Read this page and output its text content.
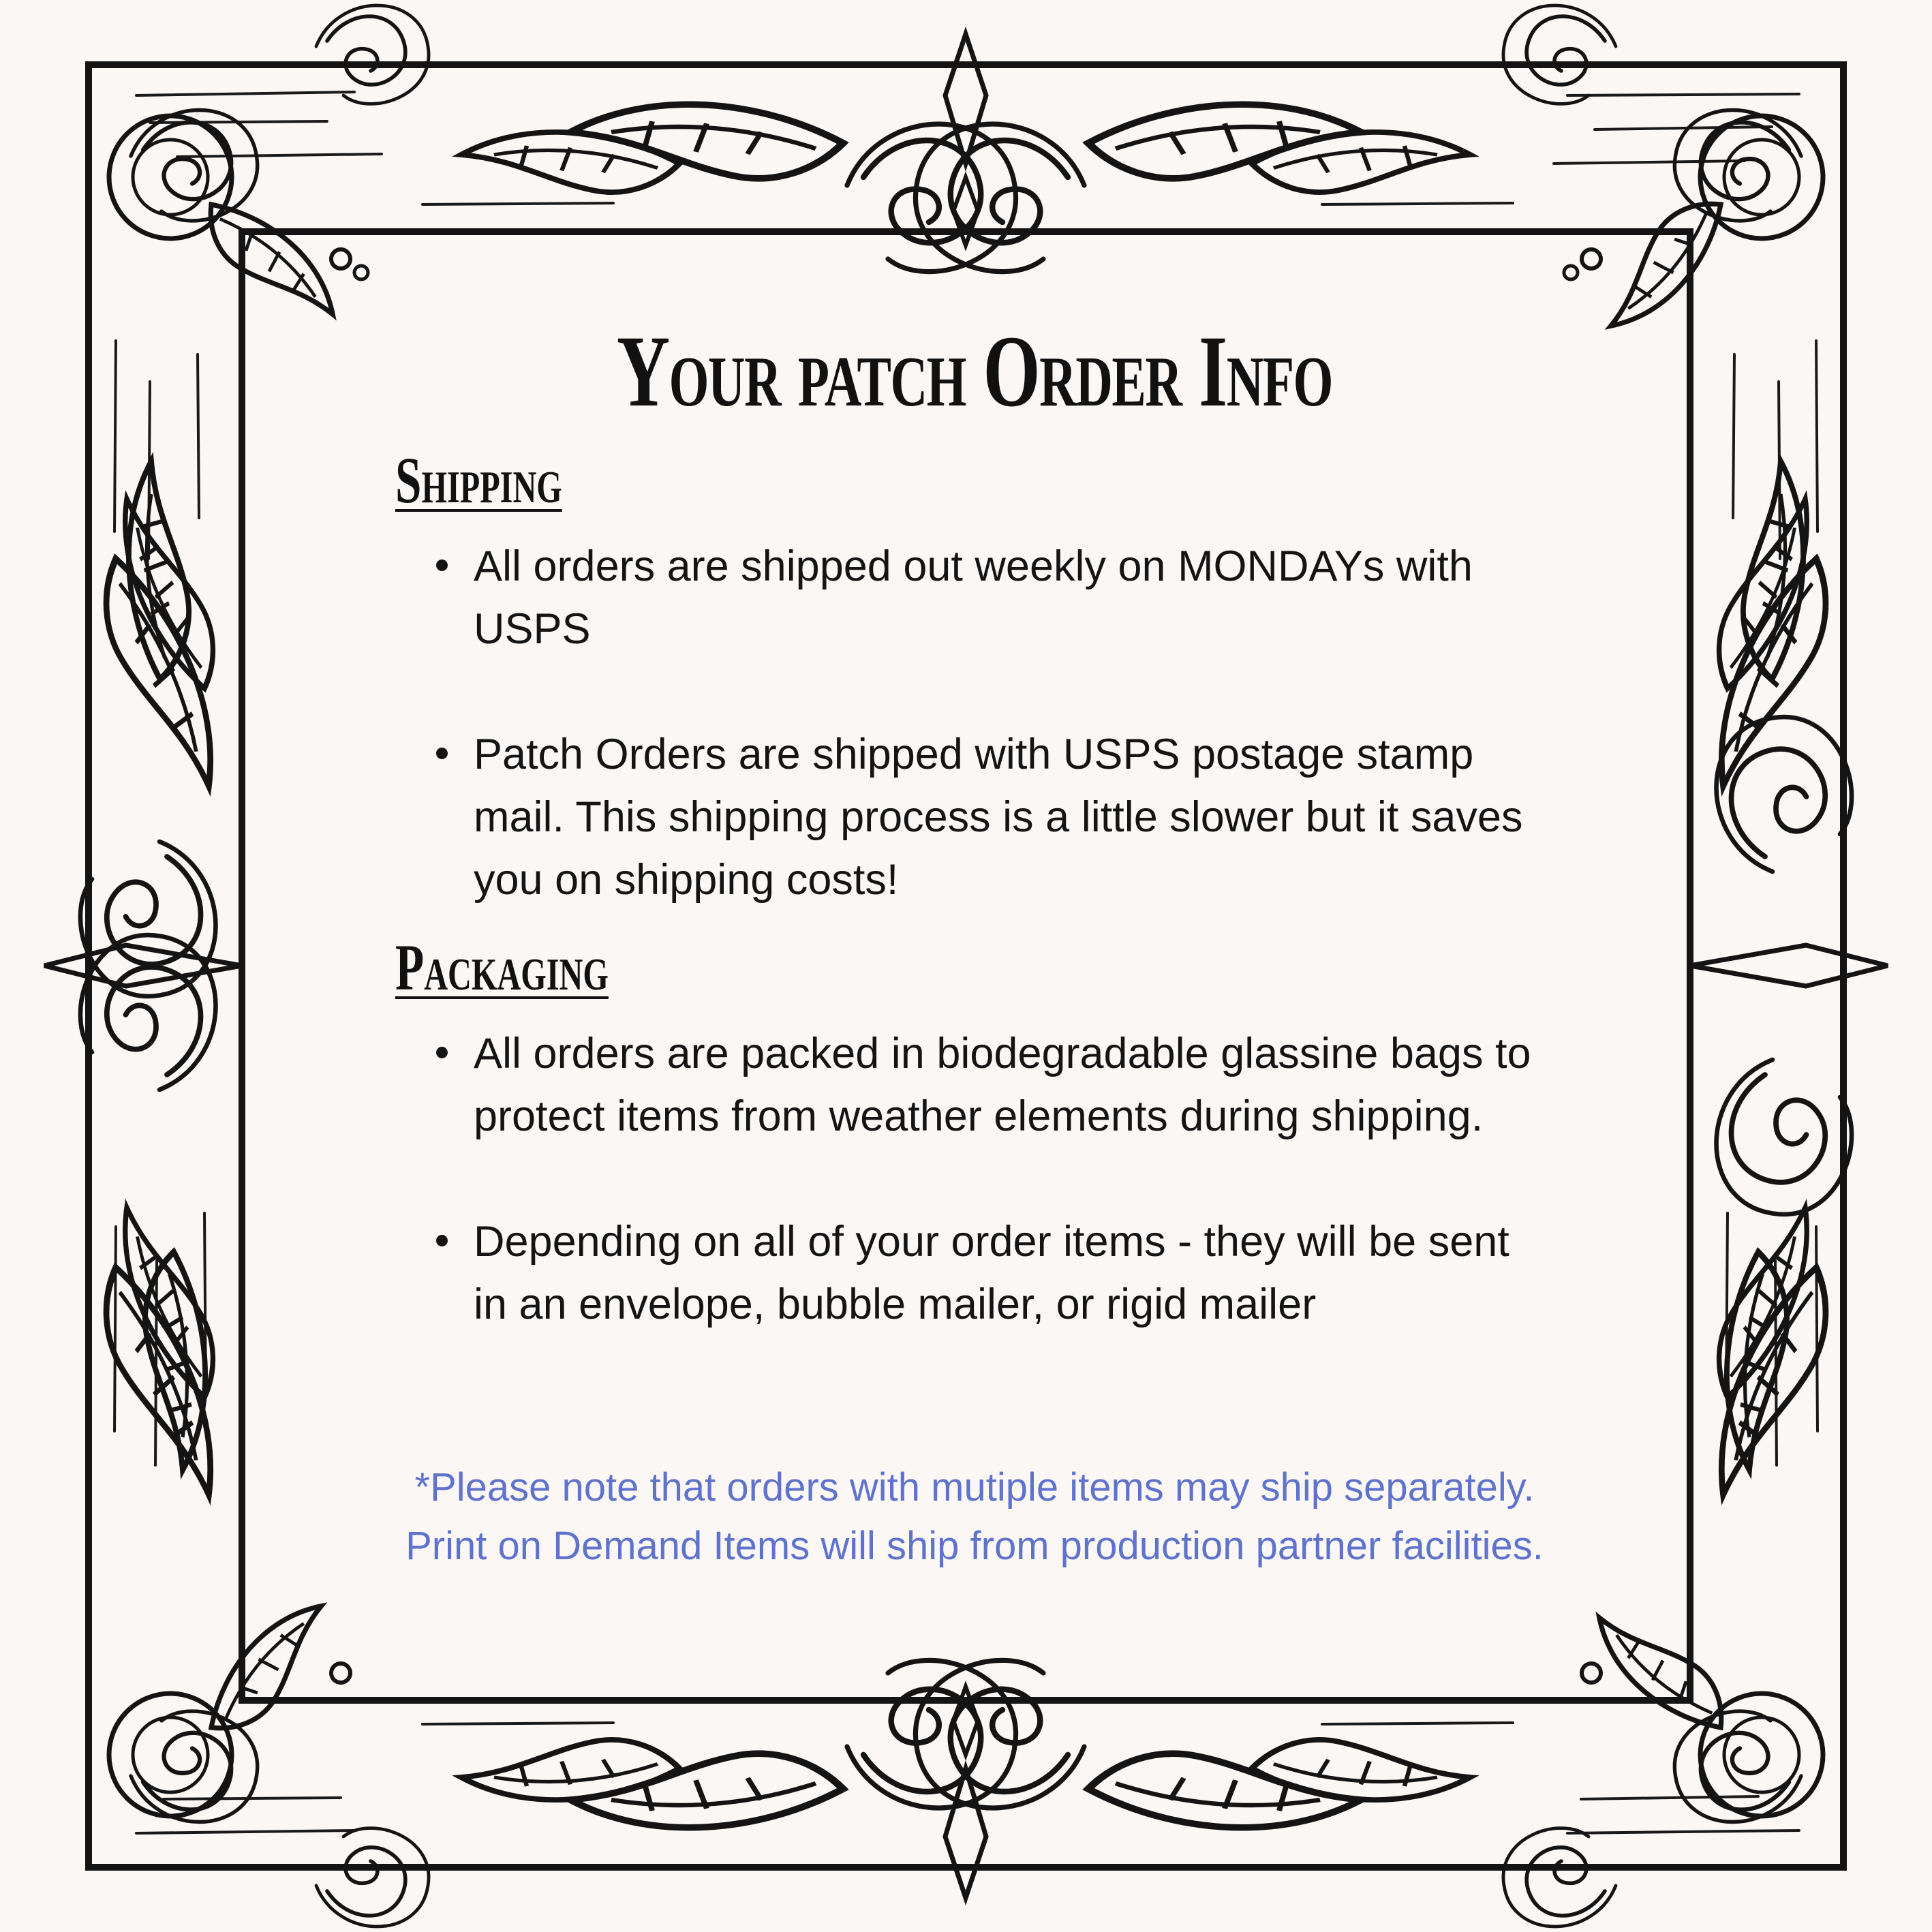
Your patch Order Info
Shipping
All orders are shipped out weekly on MONDAYs with USPS
Patch Orders are shipped with USPS postage stamp mail. This shipping process is a little slower but it saves you on shipping costs!
Packaging
All orders are packed in biodegradable glassine bags to protect items from weather elements during shipping.
Depending on all of your order items - they will be sent in an envelope, bubble mailer, or rigid mailer
*Please note that orders with mutiple items may ship separately. Print on Demand Items will ship from production partner facilities.
